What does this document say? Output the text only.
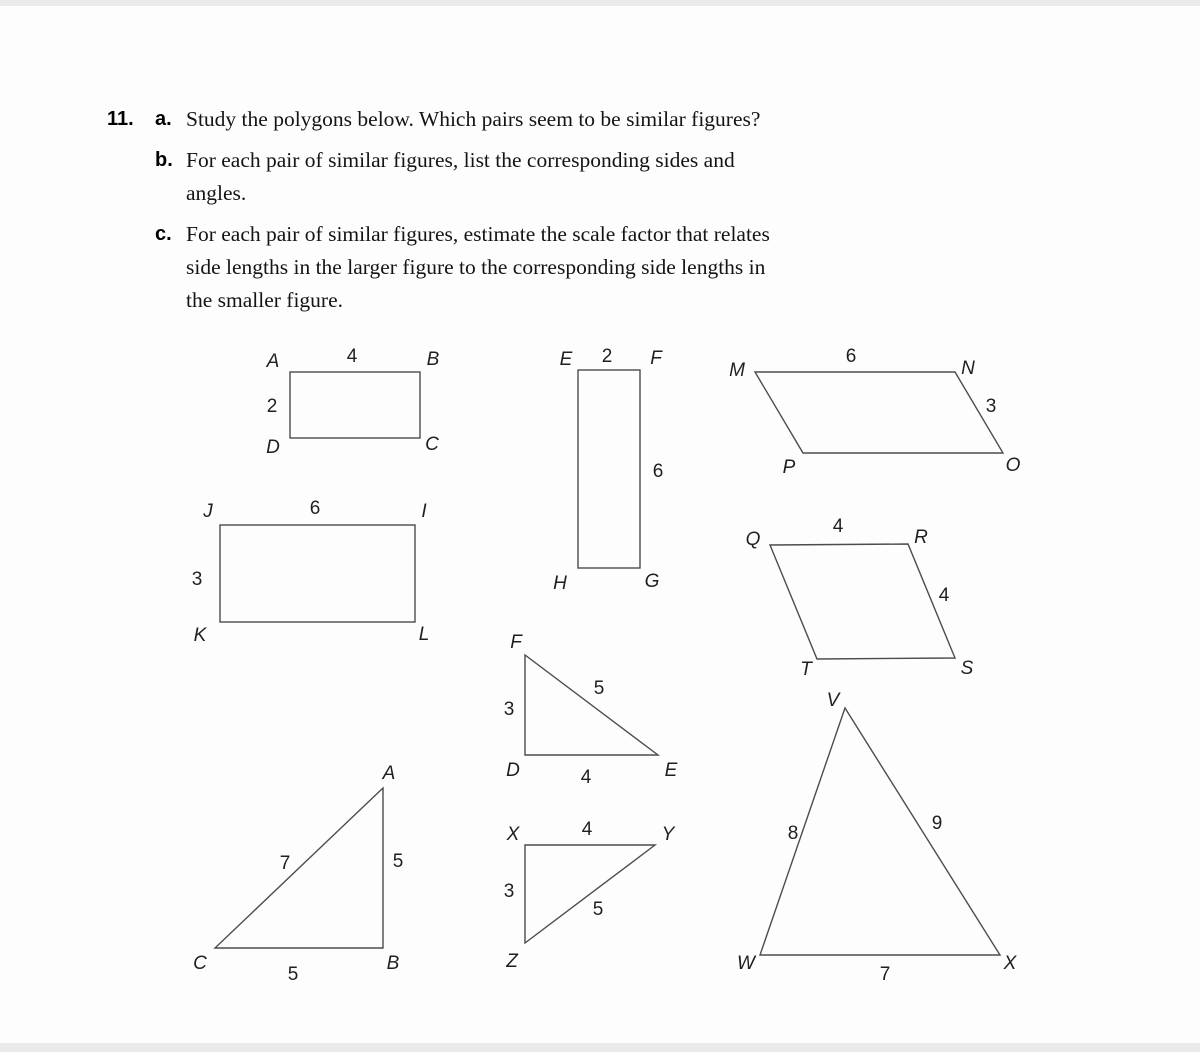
11.	a. Study the polygons below. Which pairs seem to be similar figures?
b. For each pair of similar figures, list the corresponding sides and
angles.
c. For each pair of similar figures, estimate the scale factor that relates
side lengths in the larger figure to the corresponding side lengths in
the smaller figure.
A	4	B
2
D	C
E 2 F
6
H	G
M
6
N
3
P	O
J	6	I
3
K	L
Q
4
R
4
T	S
F
3
5
D	4	E
A
7	5
C
5
B
X	4	Y
3
5
Z
V
8	9
W
7
X
